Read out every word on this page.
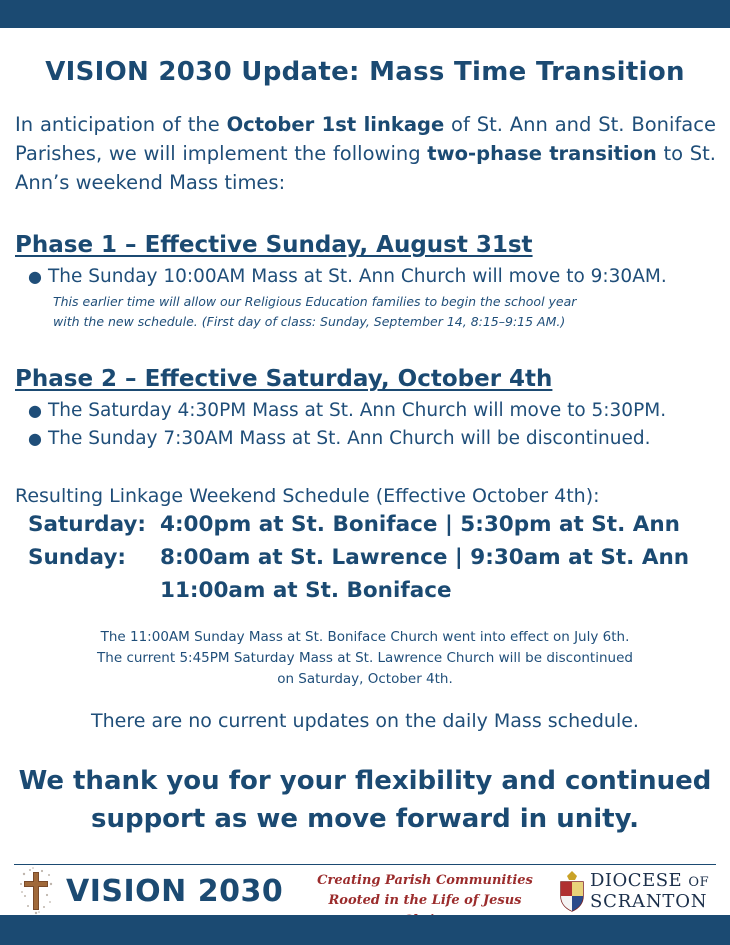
VISION 2030 Update: Mass Time Transition
In anticipation of the October 1st linkage of St. Ann and St. Boniface Parishes, we will implement the following two-phase transition to St. Ann’s weekend Mass times:
Phase 1 – Effective Sunday, August 31st
● The Sunday 10:00AM Mass at St. Ann Church will move to 9:30AM.
This earlier time will allow our Religious Education families to begin the school year
with the new schedule. (First day of class: Sunday, September 14, 8:15–9:15 AM.)
Phase 2 – Effective Saturday, October 4th
● The Saturday 4:30PM Mass at St. Ann Church will move to 5:30PM.
● The Sunday 7:30AM Mass at St. Ann Church will be discontinued.
Resulting Linkage Weekend Schedule (Effective October 4th):
Saturday: 4:00pm at St. Boniface | 5:30pm at St. Ann
Sunday: 8:00am at St. Lawrence | 9:30am at St. Ann
11:00am at St. Boniface
The 11:00AM Sunday Mass at St. Boniface Church went into effect on July 6th.
The current 5:45PM Saturday Mass at St. Lawrence Church will be discontinued
on Saturday, October 4th.
There are no current updates on the daily Mass schedule.
We thank you for your flexibility and continued
support as we move forward in unity.
VISION 2030	Creating Parish Communities
Rooted in the Life of Jesus
DIOCESE OF
SCRANTON
